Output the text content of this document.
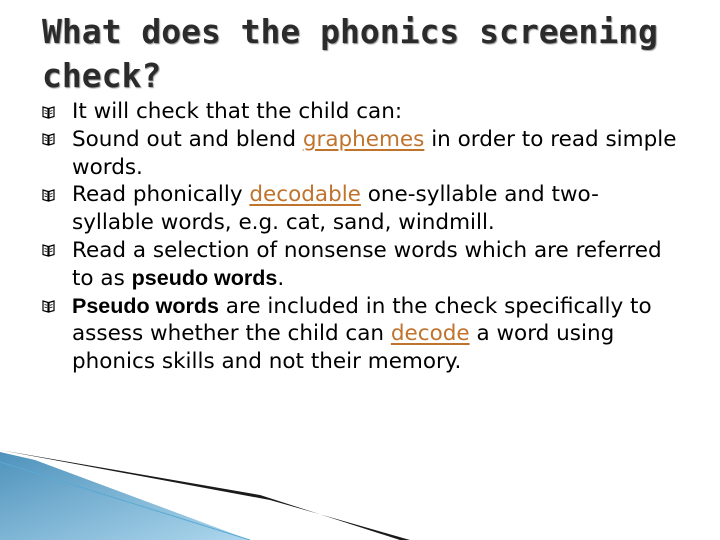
What does the phonics screening check?
It will check that the child can:
Sound out and blend graphemes in order to read simple words.
Read phonically decodable one-syllable and two-syllable words, e.g. cat, sand, windmill.
Read a selection of nonsense words which are referred to as pseudo words.
Pseudo words are included in the check specifically to assess whether the child can decode a word using phonics skills and not their memory.
